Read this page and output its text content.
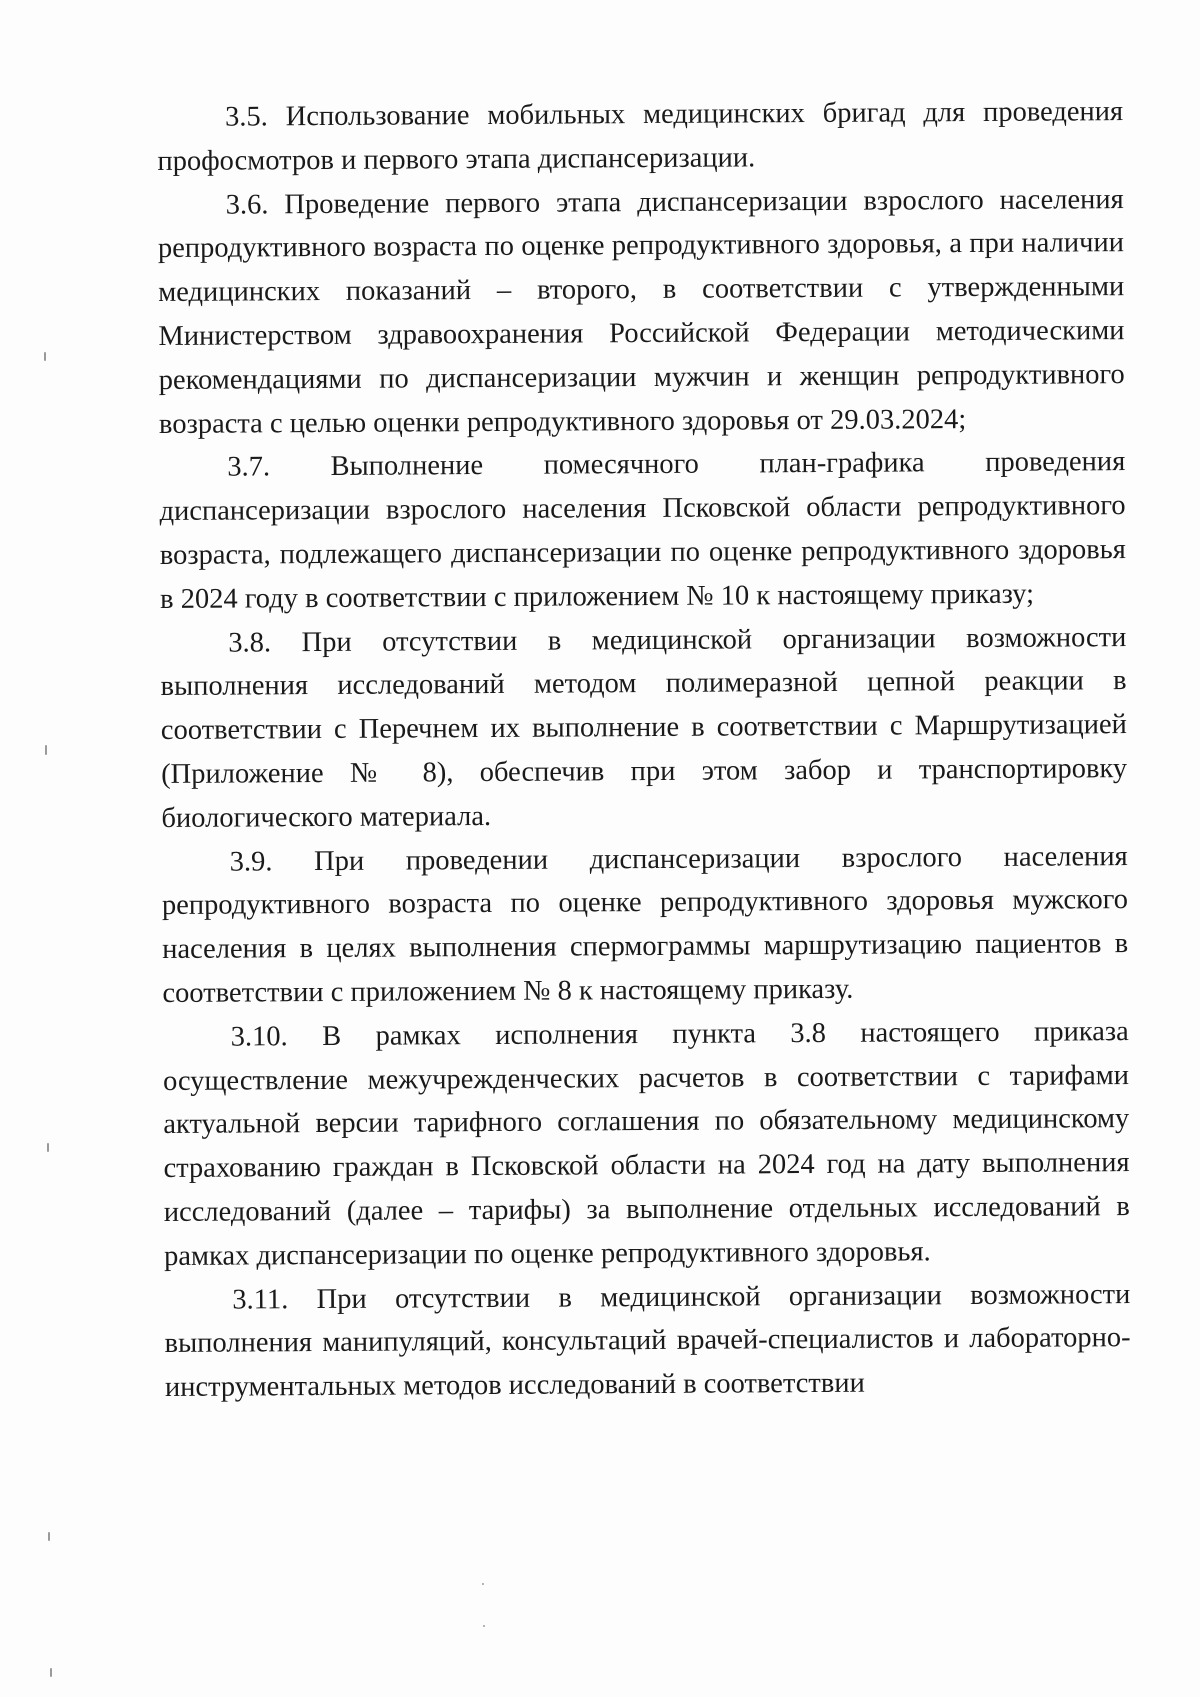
3.5. Использование мобильных медицинских бригад для проведения профосмотров и первого этапа диспансеризации.

3.6. Проведение первого этапа диспансеризации взрослого населения репродуктивного возраста по оценке репродуктивного здоровья, а при наличии медицинских показаний – второго, в соответствии с утвержденными Министерством здравоохранения Российской Федерации методическими рекомендациями по диспансеризации мужчин и женщин репродуктивного возраста с целью оценки репродуктивного здоровья от 29.03.2024;

3.7. Выполнение помесячного план-графика проведения диспансеризации взрослого населения Псковской области репродуктивного возраста, подлежащего диспансеризации по оценке репродуктивного здоровья в 2024 году в соответствии с приложением № 10 к настоящему приказу;

3.8. При отсутствии в медицинской организации возможности выполнения исследований методом полимеразной цепной реакции в соответствии с Перечнем их выполнение в соответствии с Маршрутизацией (Приложение № 8), обеспечив при этом забор и транспортировку биологического материала.

3.9. При проведении диспансеризации взрослого населения репродуктивного возраста по оценке репродуктивного здоровья мужского населения в целях выполнения спермограммы маршрутизацию пациентов в соответствии с приложением № 8 к настоящему приказу.

3.10. В рамках исполнения пункта 3.8 настоящего приказа осуществление межучрежденческих расчетов в соответствии с тарифами актуальной версии тарифного соглашения по обязательному медицинскому страхованию граждан в Псковской области на 2024 год на дату выполнения исследований (далее – тарифы) за выполнение отдельных исследований в рамках диспансеризации по оценке репродуктивного здоровья.

3.11. При отсутствии в медицинской организации возможности выполнения манипуляций, консультаций врачей-специалистов и лабораторно-инструментальных методов исследований в соответствии
